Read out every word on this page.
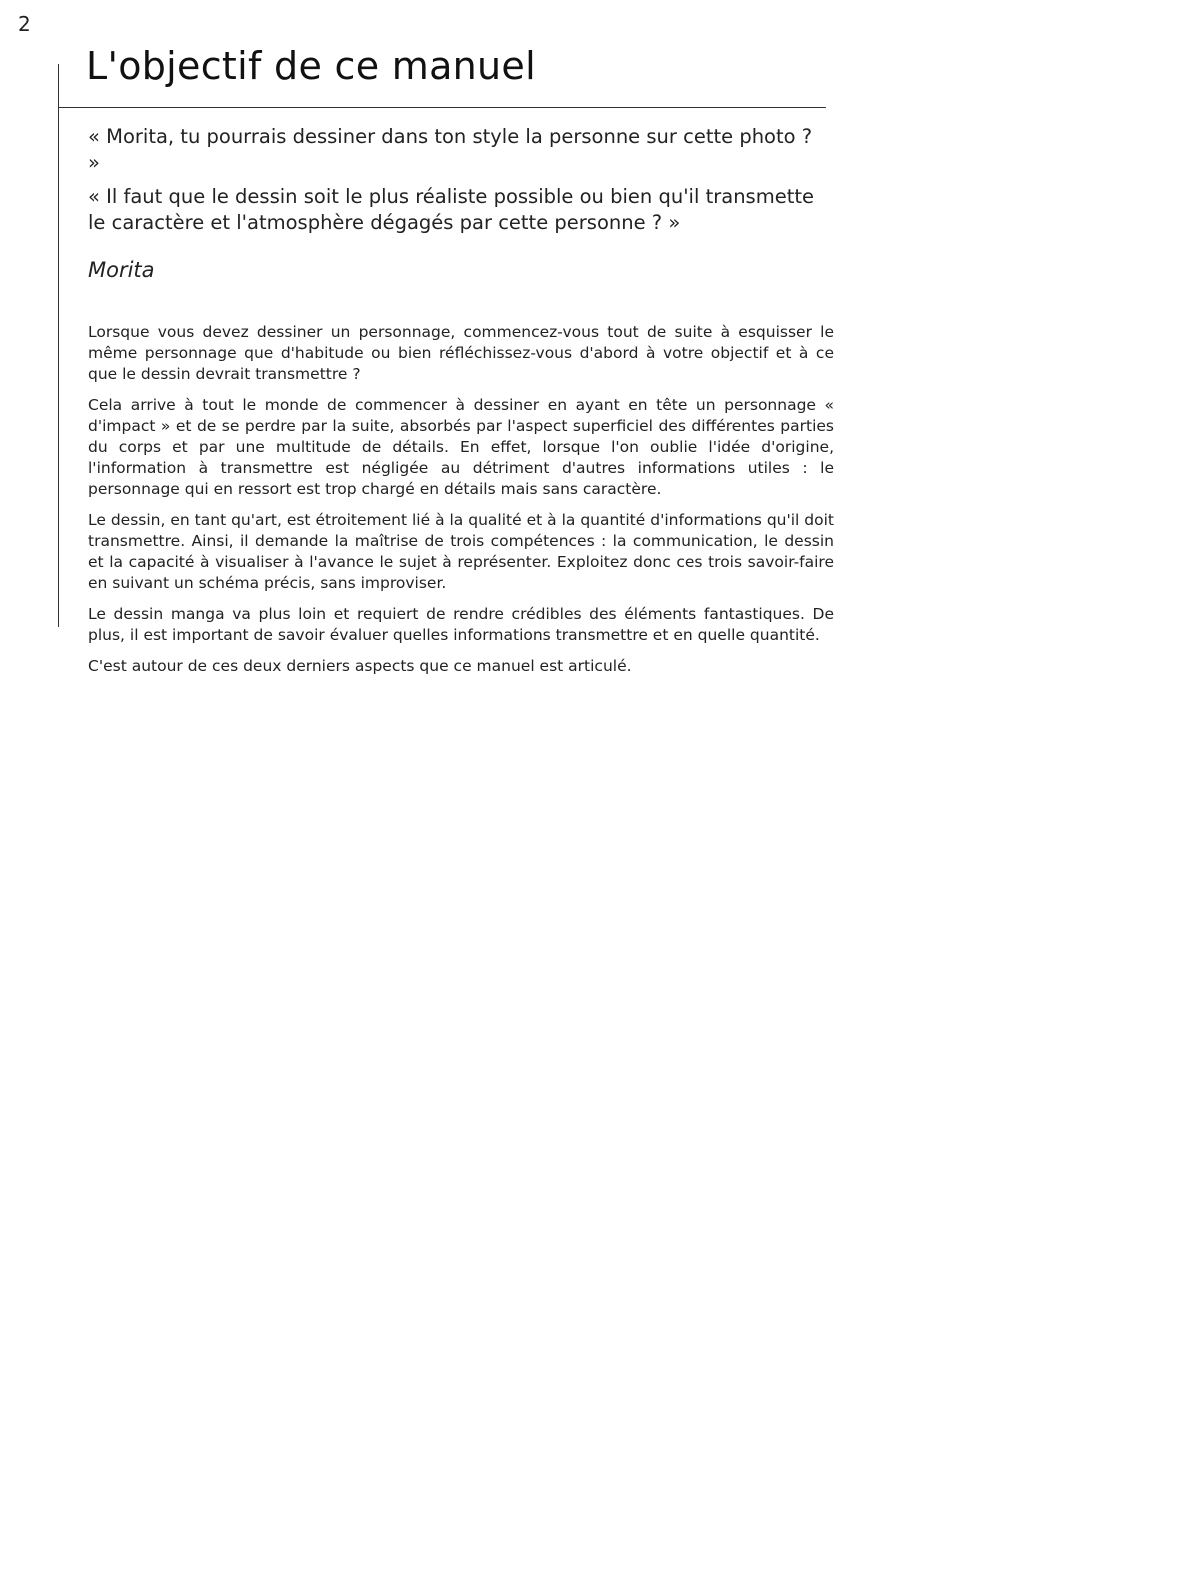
2
L'objectif de ce manuel

« Morita, tu pourrais dessiner dans ton style la personne sur cette photo ? »

« Il faut que le dessin soit le plus réaliste possible ou bien qu'il transmette le caractère et l'atmosphère dégagés par cette personne ? »

Morita

Lorsque vous devez dessiner un personnage, commencez-vous tout de suite à esquisser le même personnage que d'habitude ou bien réfléchissez-vous d'abord à votre objectif et à ce que le dessin devrait transmettre ?

Cela arrive à tout le monde de commencer à dessiner en ayant en tête un personnage « d'impact » et de se perdre par la suite, absorbés par l'aspect superficiel des différentes parties du corps et par une multitude de détails. En effet, lorsque l'on oublie l'idée d'origine, l'information à transmettre est négligée au détriment d'autres informations utiles : le personnage qui en ressort est trop chargé en détails mais sans caractère.

Le dessin, en tant qu'art, est étroitement lié à la qualité et à la quantité d'informations qu'il doit transmettre. Ainsi, il demande la maîtrise de trois compétences : la communication, le dessin et la capacité à visualiser à l'avance le sujet à représenter. Exploitez donc ces trois savoir-faire en suivant un schéma précis, sans improviser.

Le dessin manga va plus loin et requiert de rendre crédibles des éléments fantastiques. De plus, il est important de savoir évaluer quelles informations transmettre et en quelle quantité.

C'est autour de ces deux derniers aspects que ce manuel est articulé.
